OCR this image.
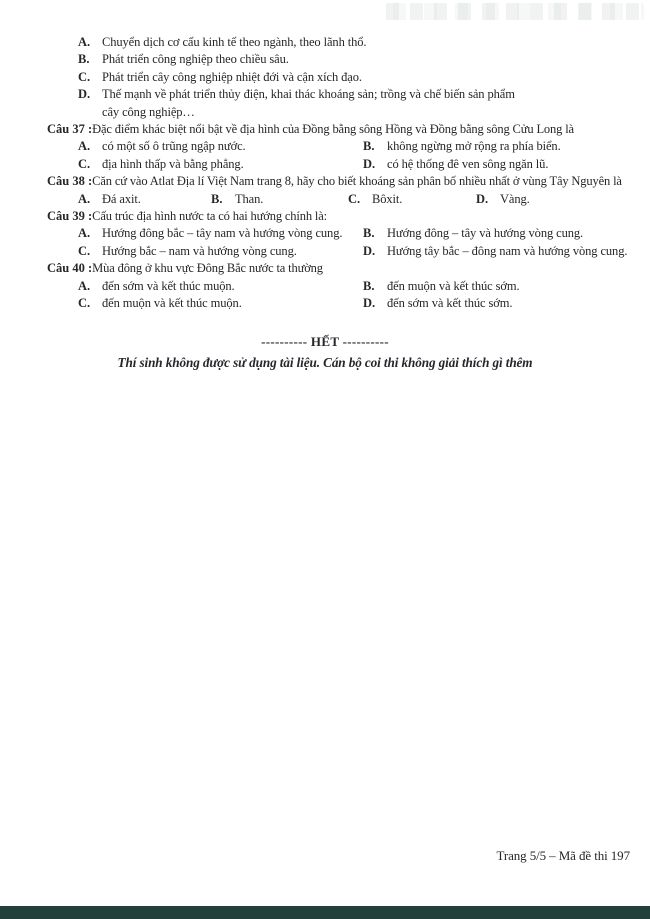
A. Chuyển dịch cơ cấu kinh tế theo ngành, theo lãnh thổ.
B.	Phát triển công nghiệp theo chiều sâu.
C. Phát triển cây công nghiệp nhiệt đới và cận xích đạo.
D. Thế mạnh về phát triển thủy điện, khai thác khoáng sản; trồng và chế biến sản phẩm
cây công nghiệp…
Câu 37 : Đặc điểm khác biệt nổi bật về địa hình của Đồng bằng sông Hồng và Đồng bằng sông Cửu Long là
A. có một số ô trũng ngập nước.	B.	không ngừng mở rộng ra phía biển.
C. địa hình thấp và bằng phẳng.	D. có hệ thống đê ven sông ngăn lũ.
Câu 38 : Căn cứ vào Atlat Địa lí Việt Nam trang 8, hãy cho biết khoáng sản phân bố nhiều nhất ở vùng Tây Nguyên là
A. Đá axit.	B.	Than.	C. Bôxit.	D. Vàng.
Câu 39 : Cấu trúc địa hình nước ta có hai hướng chính là:
A. Hướng đông bắc – tây nam và hướng vòng cung. B.	Hướng đông – tây và hướng vòng cung.
C. Hướng bắc – nam và hướng vòng cung.	D. Hướng tây bắc – đông nam và hướng vòng cung.
Câu 40 : Mùa đông ở khu vực Đông Bắc nước ta thường
A. đến sớm và kết thúc muộn.	B.	đến muộn và kết thúc sớm.
C. đến muộn và kết thúc muộn.	D. đến sớm và kết thúc sớm.
---------- HẾT ----------
Thí sinh không được sử dụng tài liệu. Cán bộ coi thi không giải thích gì thêm
Trang 5/5 – Mã đề thi 197
